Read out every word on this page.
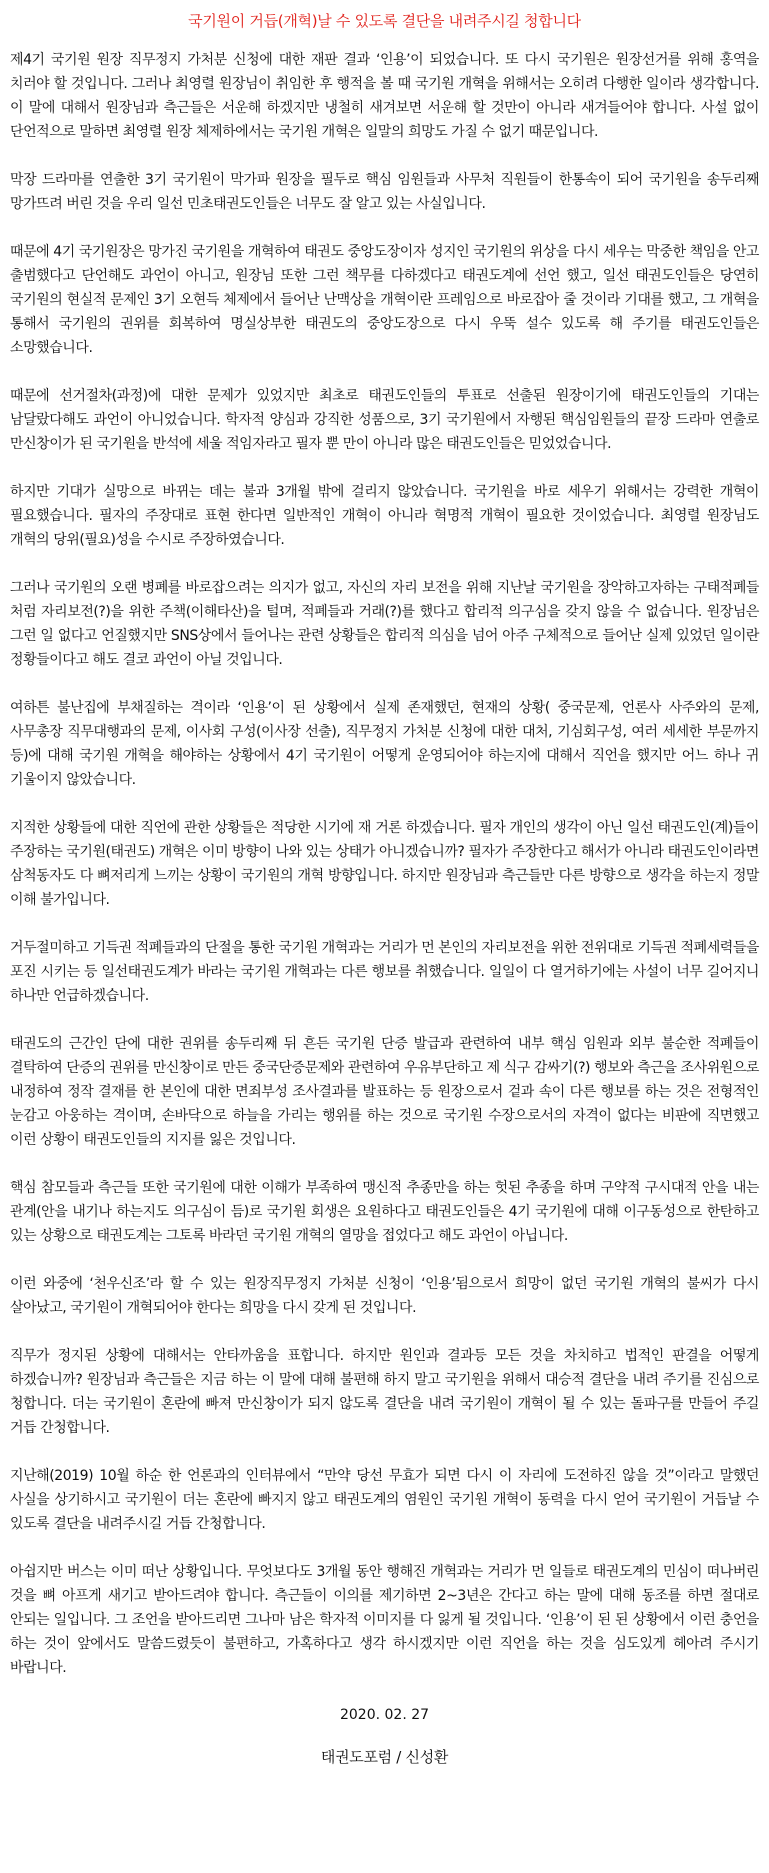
국기원이 거듭(개혁)날 수 있도록 결단을 내려주시길 청합니다

제4기 국기원 원장 직무정지 가처분 신청에 대한 재판 결과 ‘인용’이 되었습니다. 또 다시 국기원은 원장선거를 위해 홍역을 치러야 할 것입니다. 그러나 최영렬 원장님이 취임한 후 행적을 볼 때 국기원 개혁을 위해서는 오히려 다행한 일이라 생각합니다. 이 말에 대해서 원장님과 측근들은 서운해 하겠지만 냉철히 새겨보면 서운해 할 것만이 아니라 새겨들어야 합니다. 사설 없이 단언적으로 말하면 최영렬 원장 체제하에서는 국기원 개혁은 일말의 희망도 가질 수 없기 때문입니다.

막장 드라마를 연출한 3기 국기원이 막가파 원장을 필두로 핵심 임원들과 사무처 직원들이 한통속이 되어 국기원을 송두리째 망가뜨려 버린 것을 우리 일선 민초태권도인들은 너무도 잘 알고 있는 사실입니다.

때문에 4기 국기원장은 망가진 국기원을 개혁하여 태권도 중앙도장이자 성지인 국기원의 위상을 다시 세우는 막중한 책임을 안고 출범했다고 단언해도 과언이 아니고, 원장님 또한 그런 책무를 다하겠다고 태권도계에 선언 했고, 일선 태권도인들은 당연히 국기원의 현실적 문제인 3기 오현득 체제에서 들어난 난맥상을 개혁이란 프레임으로 바로잡아 줄 것이라 기대를 했고, 그 개혁을 통해서 국기원의 권위를 회복하여 명실상부한 태권도의 중앙도장으로 다시 우뚝 설수 있도록 해 주기를 태권도인들은 소망했습니다.

때문에 선거절차(과정)에 대한 문제가 있었지만 최초로 태권도인들의 투표로 선출된 원장이기에 태권도인들의 기대는 남달랐다해도 과언이 아니었습니다. 학자적 양심과 강직한 성품으로, 3기 국기원에서 자행된 핵심임원들의 끝장 드라마 연출로 만신창이가 된 국기원을 반석에 세울 적임자라고 필자 뿐 만이 아니라 많은 태권도인들은 믿었었습니다.

하지만 기대가 실망으로 바뀌는 데는 불과 3개월 밖에 걸리지 않았습니다. 국기원을 바로 세우기 위해서는 강력한 개혁이 필요했습니다. 필자의 주장대로 표현 한다면 일반적인 개혁이 아니라 혁명적 개혁이 필요한 것이었습니다. 최영렬 원장님도 개혁의 당위(필요)성을 수시로 주장하였습니다.

그러나 국기원의 오랜 병폐를 바로잡으려는 의지가 없고, 자신의 자리 보전을 위해 지난날 국기원을 장악하고자하는 구태적폐들 처럼 자리보전(?)을 위한 주책(이해타산)을 털며, 적폐들과 거래(?)를 했다고 합리적 의구심을 갖지 않을 수 없습니다. 원장님은 그런 일 없다고 언질했지만 SNS상에서 들어나는 관련 상황들은 합리적 의심을 넘어 아주 구체적으로 들어난 실제 있었던 일이란 정황들이다고 해도 결코 과언이 아닐 것입니다.

여하튼 불난집에 부채질하는 격이라 ‘인용’이 된 상황에서 실제 존재했던, 현재의 상황( 중국문제, 언론사 사주와의 문제, 사무총장 직무대행과의 문제, 이사회 구성(이사장 선출), 직무정지 가처분 신청에 대한 대처, 기심회구성, 여러 세세한 부문까지 등)에 대해 국기원 개혁을 해야하는 상황에서 4기 국기원이 어떻게 운영되어야 하는지에 대해서 직언을 했지만 어느 하나 귀 기울이지 않았습니다.

지적한 상황들에 대한 직언에 관한 상황들은 적당한 시기에 재 거론 하겠습니다. 필자 개인의 생각이 아닌 일선 태권도인(계)들이 주장하는 국기원(태권도) 개혁은 이미 방향이 나와 있는 상태가 아니겠습니까? 필자가 주장한다고 해서가 아니라 태권도인이라면 삼척동자도 다 뼈저리게 느끼는 상황이 국기원의 개혁 방향입니다. 하지만 원장님과 측근들만 다른 방향으로 생각을 하는지 정말 이해 불가입니다.

거두절미하고 기득권 적폐들과의 단절을 통한 국기원 개혁과는 거리가 먼 본인의 자리보전을 위한 전위대로 기득권 적폐세력들을 포진 시키는 등 일선태권도계가 바라는 국기원 개혁과는 다른 행보를 취했습니다. 일일이 다 열거하기에는 사설이 너무 길어지니 하나만 언급하겠습니다.

태권도의 근간인 단에 대한 권위를 송두리째 뒤 흔든 국기원 단증 발급과 관련하여 내부 핵심 임원과 외부 불순한 적폐들이 결탁하여 단증의 권위를 만신창이로 만든 중국단증문제와 관련하여 우유부단하고 제 식구 감싸기(?) 행보와 측근을 조사위원으로 내정하여 정작 결재를 한 본인에 대한 면죄부성 조사결과를 발표하는 등 원장으로서 겉과 속이 다른 행보를 하는 것은 전형적인 눈감고 아웅하는 격이며, 손바닥으로 하늘을 가리는 행위를 하는 것으로 국기원 수장으로서의 자격이 없다는 비판에 직면했고 이런 상황이 태권도인들의 지지를 잃은 것입니다.

핵심 참모들과 측근들 또한 국기원에 대한 이해가 부족하여 맹신적 추종만을 하는 헛된 추종을 하며 구약적 구시대적 안을 내는 관계(안을 내기나 하는지도 의구심이 듬)로 국기원 회생은 요원하다고 태권도인들은 4기 국기원에 대해 이구동성으로 한탄하고 있는 상황으로 태권도계는 그토록 바라던 국기원 개혁의 열망을 접었다고 해도 과언이 아닙니다.

이런 와중에 ‘천우신조’라 할 수 있는 원장직무정지 가처분 신청이 ‘인용’됨으로서 희망이 없던 국기원 개혁의 불씨가 다시 살아났고, 국기원이 개혁되어야 한다는 희망을 다시 갖게 된 것입니다.

직무가 정지된 상황에 대해서는 안타까움을 표합니다. 하지만 원인과 결과등 모든 것을 차치하고 법적인 판결을 어떻게 하겠습니까? 원장님과 측근들은 지금 하는 이 말에 대해 불편해 하지 말고 국기원을 위해서 대승적 결단을 내려 주기를 진심으로 청합니다. 더는 국기원이 혼란에 빠져 만신창이가 되지 않도록 결단을 내려 국기원이 개혁이 될 수 있는 돌파구를 만들어 주길 거듭 간청합니다.

지난해(2019) 10월 하순 한 언론과의 인터뷰에서 “만약 당선 무효가 되면 다시 이 자리에 도전하진 않을 것”이라고 말했던 사실을 상기하시고 국기원이 더는 혼란에 빠지지 않고 태권도계의 염원인 국기원 개혁이 동력을 다시 얻어 국기원이 거듭날 수 있도록 결단을 내려주시길 거듭 간청합니다.

아쉽지만 버스는 이미 떠난 상황입니다. 무엇보다도 3개월 동안 행해진 개혁과는 거리가 먼 일들로 태권도계의 민심이 떠나버린 것을 뼈 아프게 새기고 받아드려야 합니다. 측근들이 이의를 제기하면 2~3년은 간다고 하는 말에 대해 동조를 하면 절대로 안되는 일입니다. 그 조언을 받아드리면 그나마 남은 학자적 이미지를 다 잃게 될 것입니다. ‘인용’이 된 된 상황에서 이런 충언을 하는 것이 앞에서도 말씀드렸듯이 불편하고, 가혹하다고 생각 하시겠지만 이런 직언을 하는 것을 심도있게 헤아려 주시기 바랍니다.

2020. 02. 27
태권도포럼 / 신성환
